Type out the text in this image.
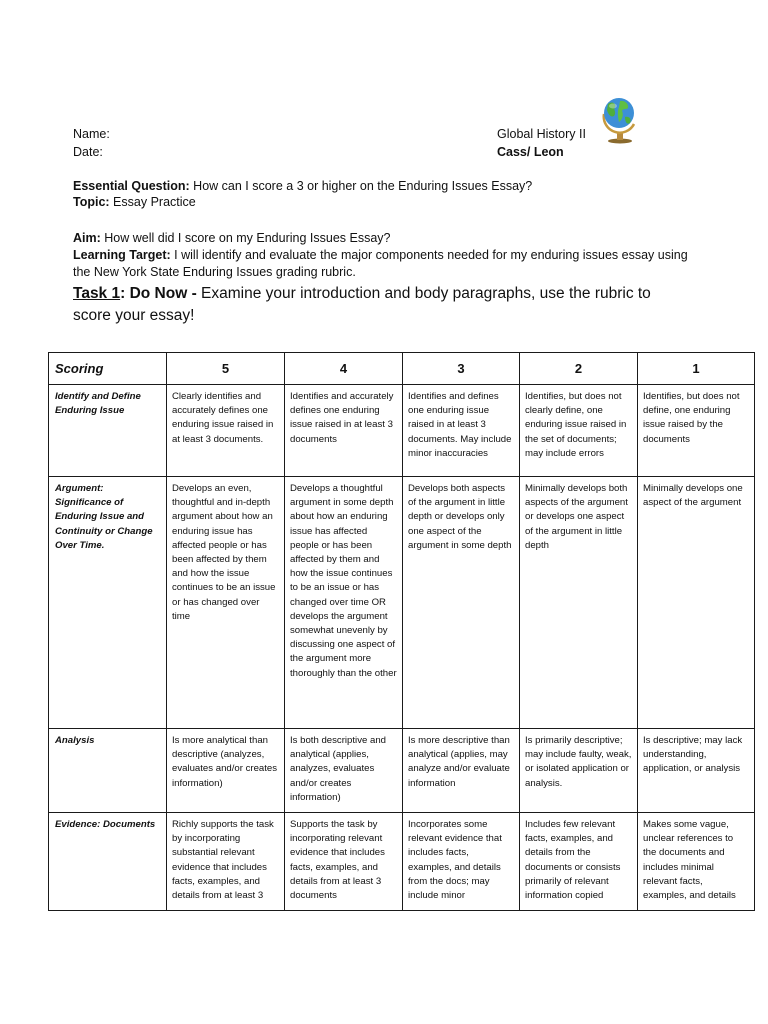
Name:
Date:
Global History II
Cass/ Leon
Essential Question: How can I score a 3 or higher on the Enduring Issues Essay?
Topic: Essay Practice
Aim: How well did I score on my Enduring Issues Essay?
Learning Target: I will identify and evaluate the major components needed for my enduring issues essay using
the New York State Enduring Issues grading rubric.
Task 1: Do Now - Examine your introduction and body paragraphs, use the rubric to
score your essay!
Scoring	5	4	3	2	1
Identify and Define Enduring Issue	Clearly identifies and accurately defines one enduring issue raised in at least 3 documents.	Identifies and accurately defines one enduring issue raised in at least 3 documents	Identifies and defines one enduring issue raised in at least 3 documents. May include minor inaccuracies	Identifies, but does not clearly define, one enduring issue raised in the set of documents; may include errors	Identifies, but does not define, one enduring issue raised by the documents
Argument: Significance of Enduring Issue and Continuity or Change Over Time.	Develops an even, thoughtful and in-depth argument about how an enduring issue has affected people or has been affected by them and how the issue continues to be an issue or has changed over time	Develops a thoughtful argument in some depth about how an enduring issue has affected people or has been affected by them and how the issue continues to be an issue or has changed over time OR develops the argument somewhat unevenly by discussing one aspect of the argument more thoroughly than the other	Develops both aspects of the argument in little depth or develops only one aspect of the argument in some depth	Minimally develops both aspects of the argument or develops one aspect of the argument in little depth	Minimally develops one aspect of the argument
Analysis	Is more analytical than descriptive (analyzes, evaluates and/or creates information)	Is both descriptive and analytical (applies, analyzes, evaluates and/or creates information)	Is more descriptive than analytical (applies, may analyze and/or evaluate information	Is primarily descriptive; may include faulty, weak, or isolated application or analysis.	Is descriptive; may lack understanding, application, or analysis
Evidence: Documents	Richly supports the task by incorporating substantial relevant evidence that includes facts, examples, and details from at least 3	Supports the task by incorporating relevant evidence that includes facts, examples, and details from at least 3 documents	Incorporates some relevant evidence that includes facts, examples, and details from the docs; may include minor	Includes few relevant facts, examples, and details from the documents or consists primarily of relevant information copied	Makes some vague, unclear references to the documents and includes minimal relevant facts, examples, and details
